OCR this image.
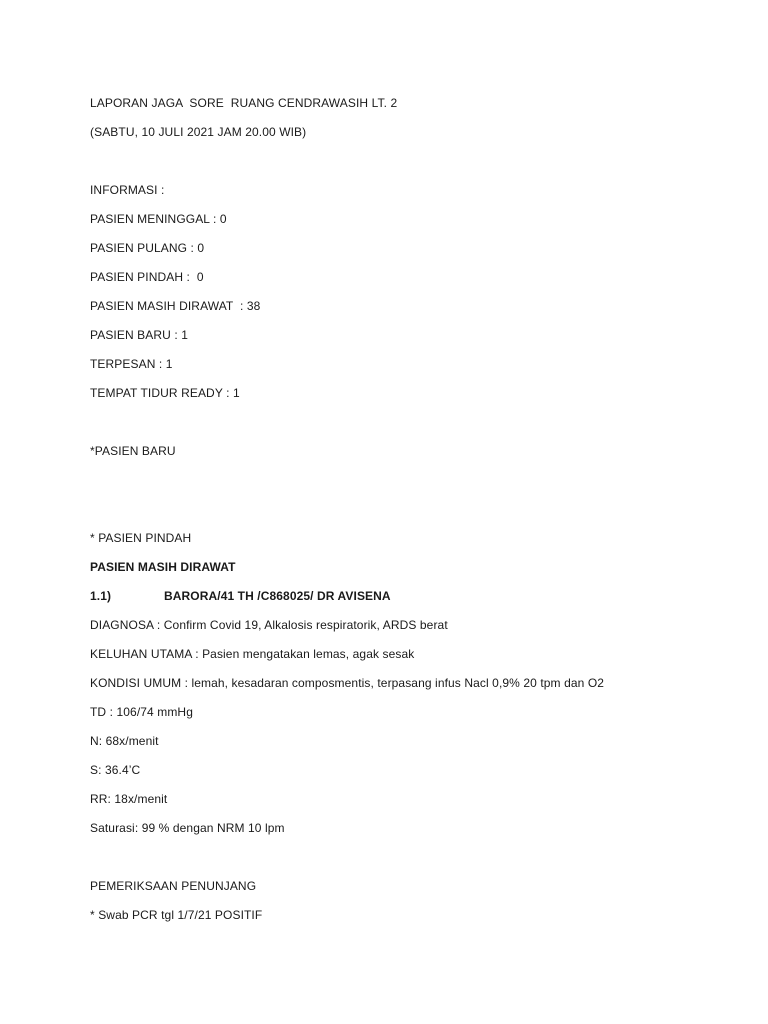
LAPORAN JAGA  SORE  RUANG CENDRAWASIH LT. 2
(SABTU, 10 JULI 2021 JAM 20.00 WIB)
INFORMASI :
PASIEN MENINGGAL : 0
PASIEN PULANG : 0
PASIEN PINDAH :  0
PASIEN MASIH DIRAWAT  : 38
PASIEN BARU : 1
TERPESAN : 1
TEMPAT TIDUR READY : 1
*PASIEN BARU
* PASIEN PINDAH
PASIEN MASIH DIRAWAT
1.1)	BARORA/41 TH /C868025/ DR AVISENA
DIAGNOSA : Confirm Covid 19, Alkalosis respiratorik, ARDS berat
KELUHAN UTAMA : Pasien mengatakan lemas, agak sesak
KONDISI UMUM : lemah, kesadaran composmentis, terpasang infus Nacl 0,9% 20 tpm dan O2
TD : 106/74 mmHg
N: 68x/menit
S: 36.4’C
RR: 18x/menit
Saturasi: 99 % dengan NRM 10 lpm
PEMERIKSAAN PENUNJANG
* Swab PCR tgl 1/7/21 POSITIF
